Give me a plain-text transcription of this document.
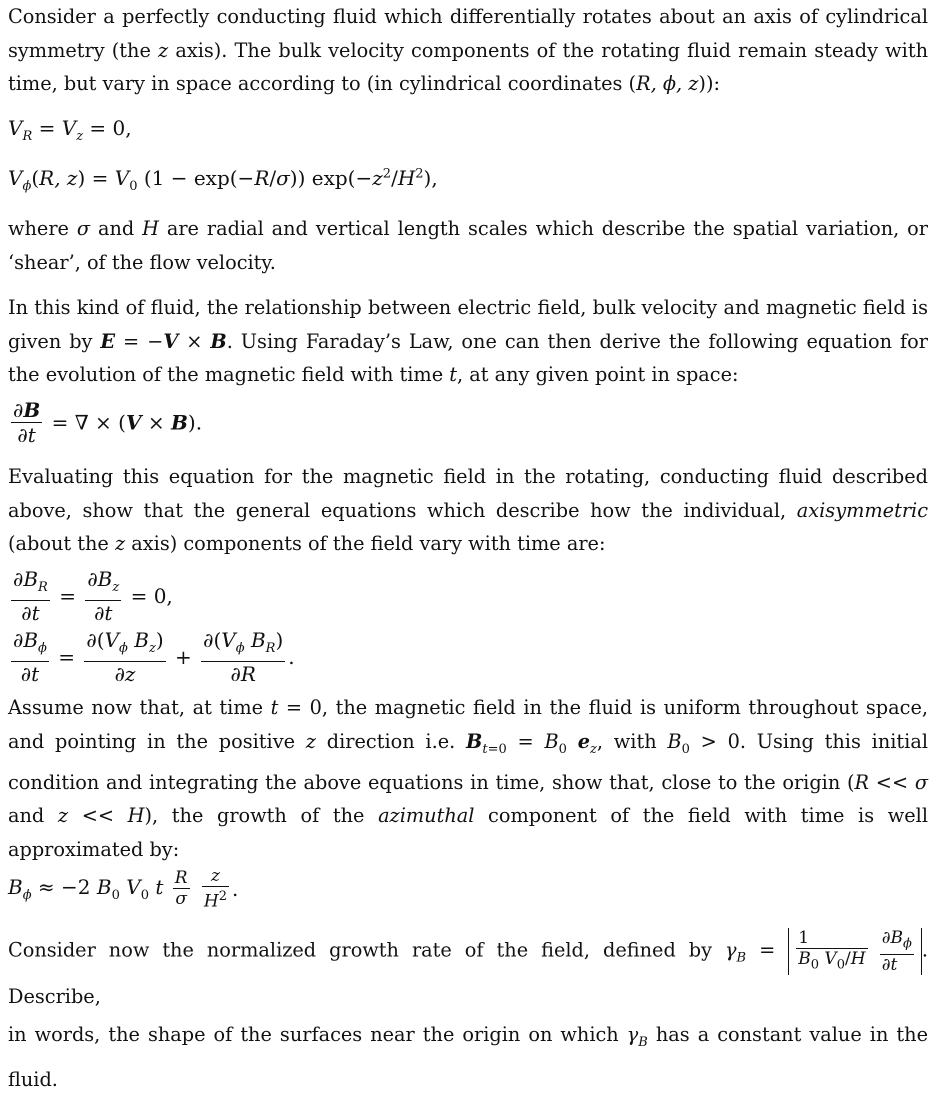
Consider a perfectly conducting fluid which differentially rotates about an axis of cylindrical symmetry (the z axis). The bulk velocity components of the rotating fluid remain steady with time, but vary in space according to (in cylindrical coordinates (R, ϕ, z)):
$V_R = V_z = 0$,
$V_\phi(R$, $z) = V_0$ (1 − exp(−R/σ)) $\exp(-z^2/H^2)$,
where σ and H are radial and vertical length scales which describe the spatial variation, or ‘shear’, of the flow velocity.
In this kind of fluid, the relationship between electric field, bulk velocity and magnetic field is given by E = −V × B. Using Faraday’s Law, one can then derive the following equation for the evolution of the magnetic field with time t, at any given point in space:
$\frac{\partial B}{\partial t}$ = ∇ × (V × B).
Evaluating this equation for the magnetic field in the rotating, conducting fluid described above, show that the general equations which describe how the individual, axisymmetric (about the z axis) components of the field vary with time are:
$\frac{\partial B_R}{\partial t} = \frac{\partial B_z}{\partial t} = 0$,
$\frac{\partial B_\phi}{\partial t} = \frac{\partial(V_\phi B_z)}{\partial z} + \frac{\partial(V_\phi B_R)}{\partial R}$ .
Assume now that, at time t = 0, the magnetic field in the fluid is uniform throughout space, and pointing in the positive z direction i.e. $B_{t=0} = B_0$ $e_z$, with $B_0 > 0$. Using this initial condition and integrating the above equations in time, show that, close to the origin (R << σ and z << H), the growth of the azimuthal component of the field with time is well approximated by:
$B_\phi \approx -2$ $B_0$ $V_0$ t $\frac{R}{\sigma}$
$\frac{z}{H^2}$ .
Consider now the normalized growth rate of the field, defined by $\gamma_B = \frac{1}{B_0 V_0/H}$
$\frac{\partial B_\phi}{\partial t}$ . Describe,
in words, the shape of the surfaces near the origin on which $\gamma_B$ has a constant value in the fluid.
